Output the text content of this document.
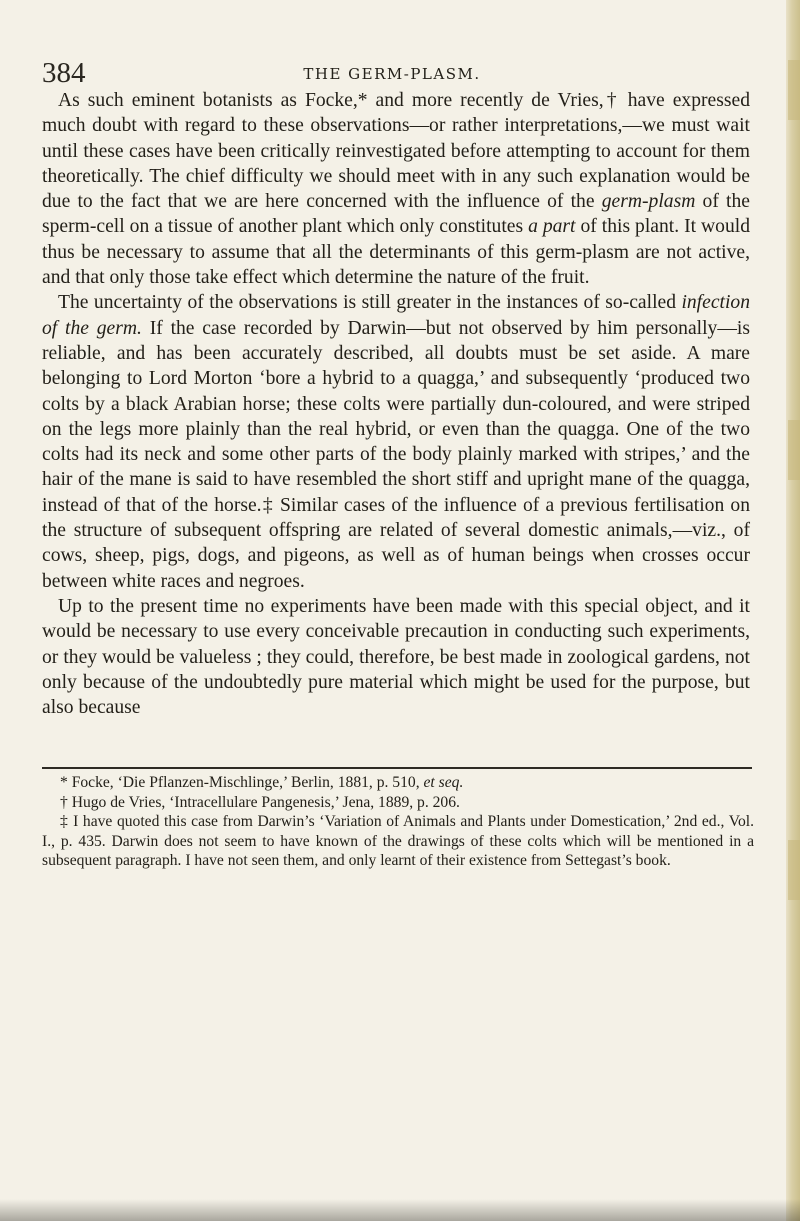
384	THE GERM-PLASM.

As such eminent botanists as Focke,* and more recently de Vries,† have expressed much doubt with regard to these observations—or rather interpretations,—we must wait until these cases have been critically reinvestigated before attempting to account for them theoretically. The chief difficulty we should meet with in any such explanation would be due to the fact that we are here concerned with the influence of the germ-plasm of the sperm-cell on a tissue of another plant which only constitutes a part of this plant. It would thus be necessary to assume that all the determinants of this germ-plasm are not active, and that only those take effect which determine the nature of the fruit.

The uncertainty of the observations is still greater in the instances of so-called infection of the germ. If the case recorded by Darwin—but not observed by him personally—is reliable, and has been accurately described, all doubts must be set aside. A mare belonging to Lord Morton ‘bore a hybrid to a quagga,’ and subsequently ‘produced two colts by a black Arabian horse; these colts were partially dun-coloured, and were striped on the legs more plainly than the real hybrid, or even than the quagga. One of the two colts had its neck and some other parts of the body plainly marked with stripes,’ and the hair of the mane is said to have resembled the short stiff and upright mane of the quagga, instead of that of the horse.‡ Similar cases of the influence of a previous fertilisation on the structure of subsequent offspring are related of several domestic animals,—viz., of cows, sheep, pigs, dogs, and pigeons, as well as of human beings when crosses occur between white races and negroes.

Up to the present time no experiments have been made with this special object, and it would be necessary to use every conceivable precaution in conducting such experiments, or they would be valueless ; they could, therefore, be best made in zoological gardens, not only because of the undoubtedly pure material which might be used for the purpose, but also because

* Focke, ‘Die Pflanzen-Mischlinge,’ Berlin, 1881, p. 510, et seq.

† Hugo de Vries, ‘Intracellulare Pangenesis,’ Jena, 1889, p. 206.

‡ I have quoted this case from Darwin’s ‘Variation of Animals and Plants under Domestication,’ 2nd ed., Vol. I., p. 435. Darwin does not seem to have known of the drawings of these colts which will be mentioned in a subsequent paragraph. I have not seen them, and only learnt of their existence from Settegast’s book.
